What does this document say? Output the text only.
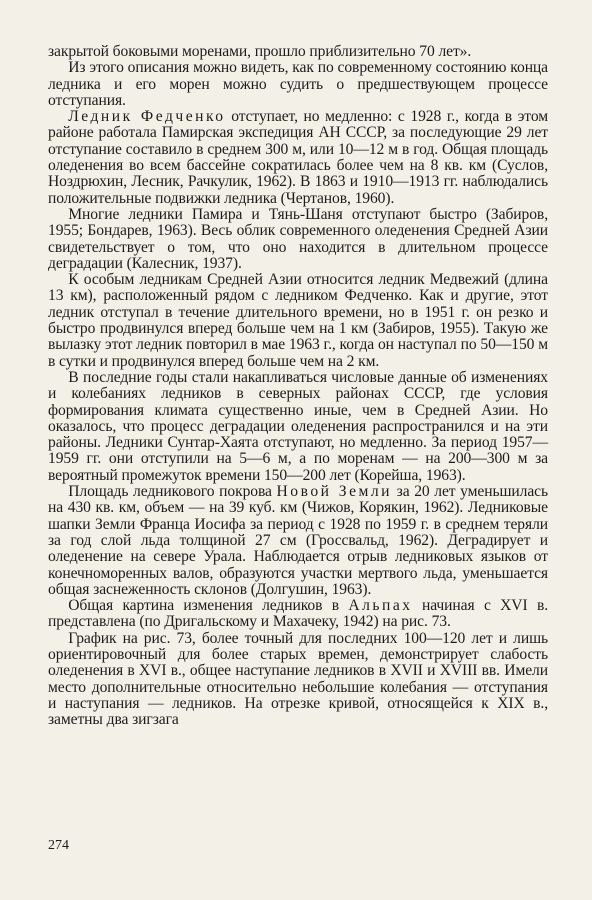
закрытой боковыми моренами, прошло приблизительно 70 лет».

Из этого описания можно видеть, как по современному состоянию конца ледника и его морен можно судить о предшествующем процессе отступания.

Ледник Федченко отступает, но медленно: с 1928 г., когда в этом районе работала Памирская экспедиция АН СССР, за последующие 29 лет отступание составило в среднем 300 м, или 10—12 м в год. Общая площадь оледенения во всем бассейне сократилась более чем на 8 кв. км (Суслов, Ноздрюхин, Лесник, Рачкулик, 1962). В 1863 и 1910—1913 гг. наблюдались положительные подвижки ледника (Чертанов, 1960).

Многие ледники Памира и Тянь-Шаня отступают быстро (Забиров, 1955; Бондарев, 1963). Весь облик современного оледенения Средней Азии свидетельствует о том, что оно находится в длительном процессе деградации (Калесник, 1937).

К особым ледникам Средней Азии относится ледник Медвежий (длина 13 км), расположенный рядом с ледником Федченко. Как и другие, этот ледник отступал в течение длительного времени, но в 1951 г. он резко и быстро продвинулся вперед больше чем на 1 км (Забиров, 1955). Такую же вылазку этот ледник повторил в мае 1963 г., когда он наступал по 50—150 м в сутки и продвинулся вперед больше чем на 2 км.

В последние годы стали накапливаться числовые данные об изменениях и колебаниях ледников в северных районах СССР, где условия формирования климата существенно иные, чем в Средней Азии. Но оказалось, что процесс деградации оледенения распространился и на эти районы. Ледники Сунтар-Хаята отступают, но медленно. За период 1957—1959 гг. они отступили на 5—6 м, а по моренам — на 200—300 м за вероятный промежуток времени 150—200 лет (Корейша, 1963).

Площадь ледникового покрова Новой Земли за 20 лет уменьшилась на 430 кв. км, объем — на 39 куб. км (Чижов, Корякин, 1962). Ледниковые шапки Земли Франца Иосифа за период с 1928 по 1959 г. в среднем теряли за год слой льда толщиной 27 см (Гроссвальд, 1962). Деградирует и оледенение на севере Урала. Наблюдается отрыв ледниковых языков от конечноморенных валов, образуются участки мертвого льда, уменьшается общая заснеженность склонов (Долгушин, 1963).

Общая картина изменения ледников в Альпах начиная с XVI в. представлена (по Дригальскому и Махачеку, 1942) на рис. 73.

График на рис. 73, более точный для последних 100—120 лет и лишь ориентировочный для более старых времен, демонстрирует слабость оледенения в XVI в., общее наступание ледников в XVII и XVIII вв. Имели место дополнительные относительно небольшие колебания — отступания и наступания — ледников. На отрезке кривой, относящейся к XIX в., заметны два зигзага

274
